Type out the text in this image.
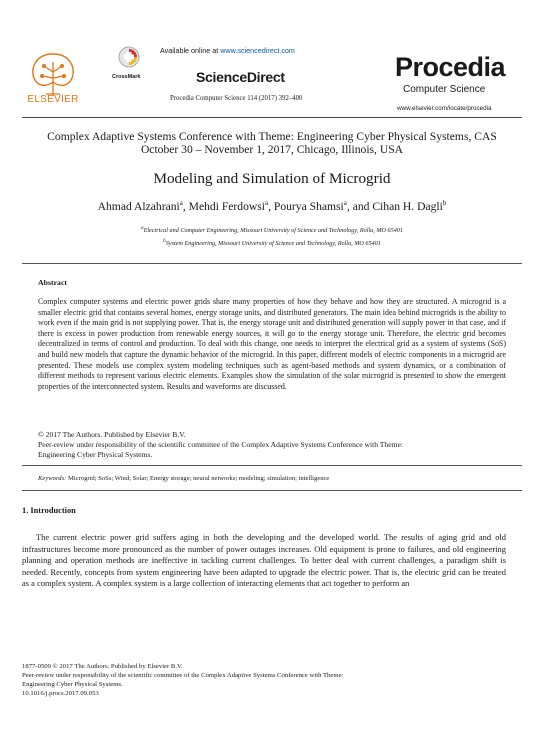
ELSEVIER
CrossMark
Available online at www.sciencedirect.com
ScienceDirect
Procedia Computer Science 114 (2017) 392–400
Procedia
Computer Science
www.elsevier.com/locate/procedia
Complex Adaptive Systems Conference with Theme: Engineering Cyber Physical Systems, CAS
October 30 – November 1, 2017, Chicago, Illinois, USA
Modeling and Simulation of Microgrid
Ahmad Alzahrani$^a$, Mehdi Ferdowsi$^a$, Pourya Shamsi$^a$, and Cihan H. Dagli$^b$
$^a$Electrical and Computer Engineering, Missouri University of Science and Technology, Rolla, MO 65401
$^b$System Engineering, Missouri University of Science and Technology, Rolla, MO 65401
Abstract
Complex computer systems and electric power grids share many properties of how they behave and how they are structured. A microgrid is a smaller electric grid that contains several homes, energy storage units, and distributed generators. The main idea behind microgrids is the ability to work even if the main grid is not supplying power. That is, the energy storage unit and distributed generation will supply power in that case, and if there is excess in power production from renewable energy sources, it will go to the energy storage unit. Therefore, the electric grid becomes decentralized in terms of control and production. To deal with this change, one needs to interpret the electrical grid as a system of systems (SoS) and build new models that capture the dynamic behavior of the microgrid. In this paper, different models of electric components in a microgrid are presented. These models use complex system modeling techniques such as agent-based methods and system dynamics, or a combination of different methods to represent various electric elements. Examples show the simulation of the solar microgrid is presented to show the emergent properties of the interconnected system. Results and waveforms are discussed.
© 2017 The Authors. Published by Elsevier B.V.
Peer-review under responsibility of the scientific committee of the Complex Adaptive Systems Conference with Theme:
Engineering Cyber Physical Systems.
Keywords: Microgrid; SoSs; Wind; Solar; Energy storage; neural networks; modeling; simulation; intelligence
1. Introduction
The current electric power grid suffers aging in both the developing and the developed world. The results of aging grid and old infrastructures become more pronounced as the number of power outages increases. Old equipment is prone to failures, and old engineering planning and operation methods are ineffective in tackling current challenges. To better deal with current challenges, a paradigm shift is needed. Recently, concepts from system engineering have been adapted to upgrade the electric power. That is, the electric grid can be treated as a complex system. A complex system is a large collection of interacting elements that act together to perform an
1877-0509 © 2017 The Authors. Published by Elsevier B.V.
Peer-review under responsibility of the scientific committee of the Complex Adaptive Systems Conference with Theme:
Engineering Cyber Physical Systems.
10.1016/j.procs.2017.09.053
